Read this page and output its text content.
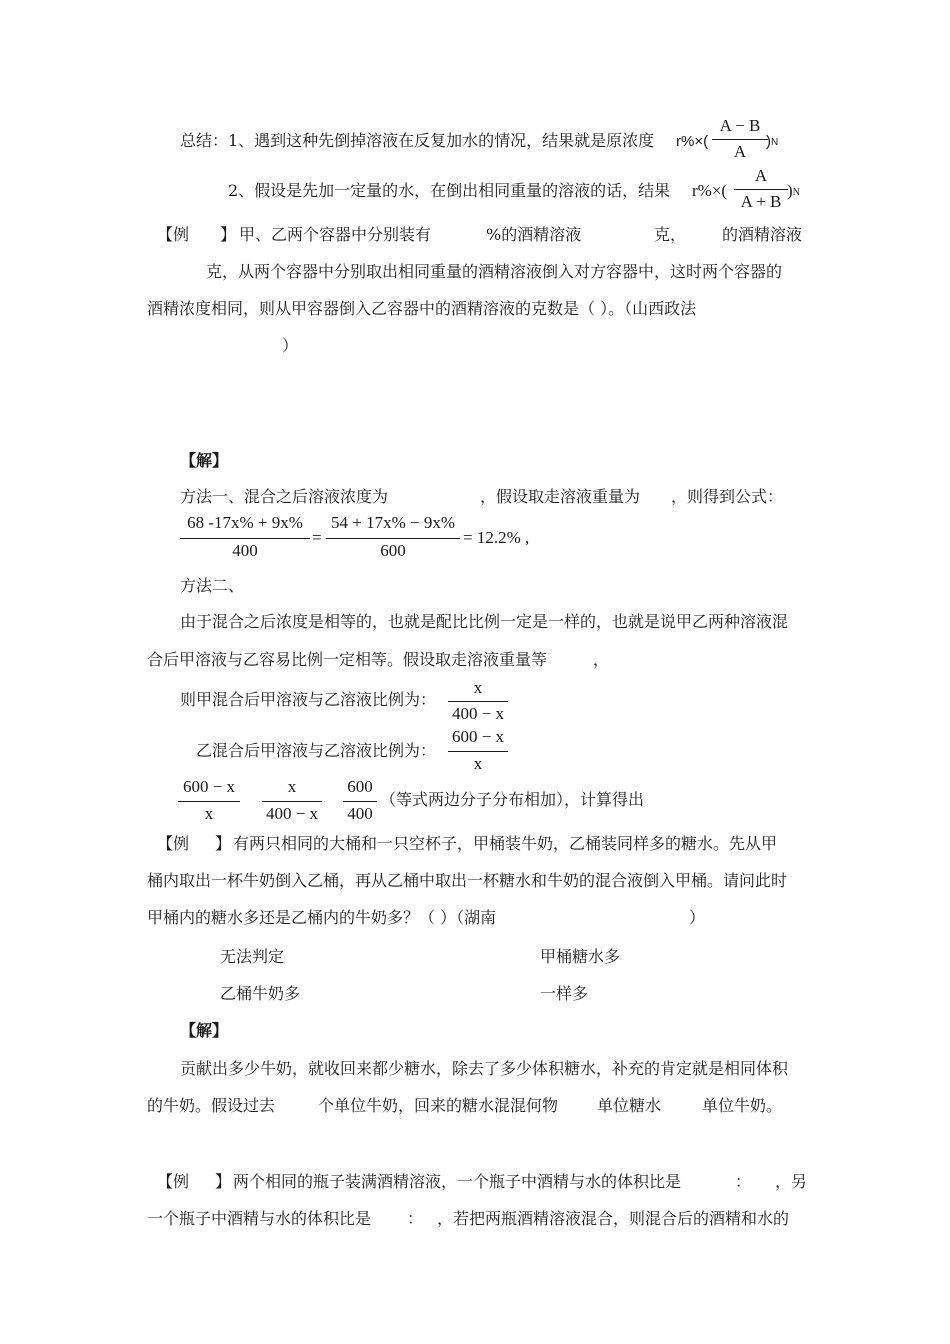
总结：1、遇到这种先倒掉溶液在反复加水的情况，结果就是原浓度 r%×(
A − B
A
)N
2、假设是先加一定量的水，在倒出相同重量的溶液的话，结果 r%×(
A
A + B
)N
【例 】 甲、乙两个容器中分别装有	%的酒精溶液	克， 的酒精溶液
克，从两个容器中分别取出相同重量的酒精溶液倒入对方容器中，这时两个容器的
酒精浓度相同，则从甲容器倒入乙容器中的酒精溶液的克数是（ ）。（山西政法
）
【解】
方法一、混合之后溶液浓度为	，假设取走溶液重量为 ，则得到公式：
68 -17x% + 9x%
400
=
54 + 17x% − 9x%
600
= 12.2% ,
方法二、
由于混合之后浓度是相等的，也就是配比比例一定是一样的，也就是说甲乙两种溶液混
合后甲溶液与乙容易比例一定相等。假设取走溶液重量等	，
则甲混合后甲溶液与乙溶液比例为：
x
400 − x
乙混合后甲溶液与乙溶液比例为：
600 − x
x
600 − x
x
x
400 − x
600
400
（等式两边分子分布相加），计算得出
【例 】 有两只相同的大桶和一只空杯子，甲桶装牛奶，乙桶装同样多的糖水。先从甲
桶内取出一杯牛奶倒入乙桶，再从乙桶中取出一杯糖水和牛奶的混合液倒入甲桶。请问此时
甲桶内的糖水多还是乙桶内的牛奶多？（ ）（湖南	）
无法判定	甲桶糖水多
乙桶牛奶多	一样多
【解】
贡献出多少牛奶，就收回来都少糖水，除去了多少体积糖水，补充的肯定就是相同体积
的牛奶。假设过去	个单位牛奶，回来的糖水混混何物 单位糖水	单位牛奶。
【例 】 两个相同的瓶子装满酒精溶液，一个瓶子中酒精与水的体积比是	： ，另
一个瓶子中酒精与水的体积比是 ： ，若把两瓶酒精溶液混合，则混合后的酒精和水的
